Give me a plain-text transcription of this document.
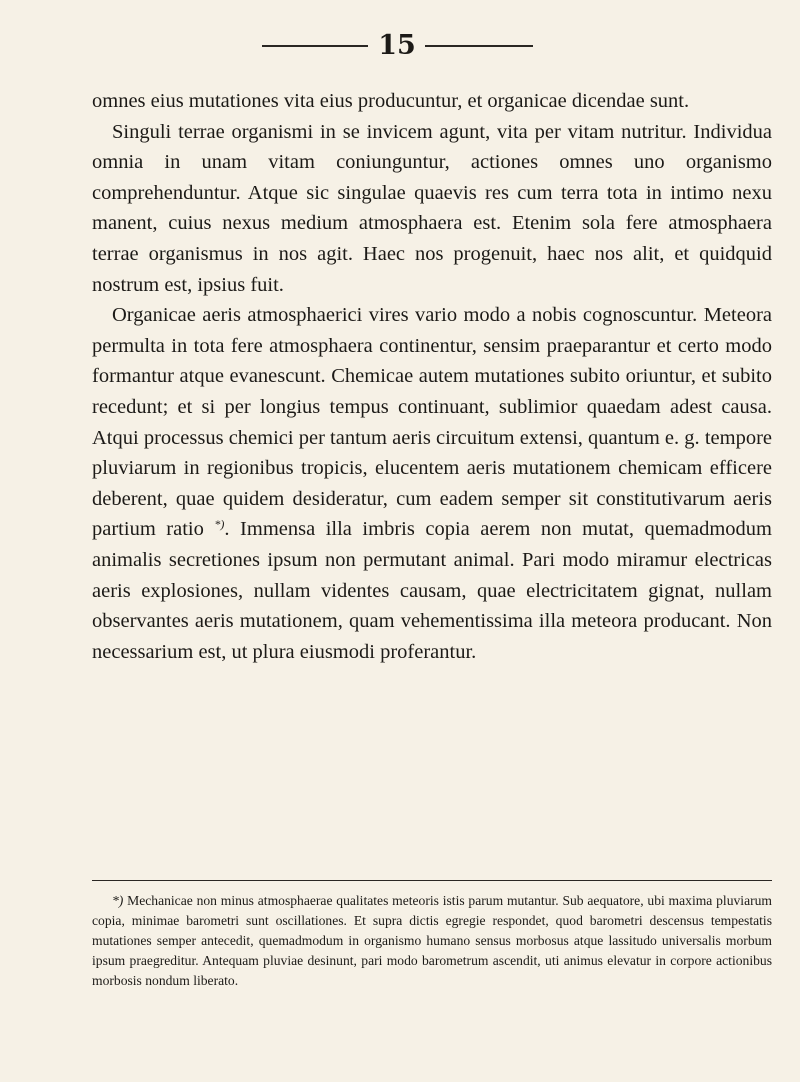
15

omnes eius mutationes vita eius producuntur, et organicae dicendae sunt.

Singuli terrae organismi in se invicem agunt, vita per vitam nutritur. Individua omnia in unam vitam coniunguntur, actiones omnes uno organismo comprehenduntur. Atque sic singulae quaevis res cum terra tota in intimo nexu manent, cuius nexus medium atmosphaera est. Etenim sola fere atmosphaera terrae organismus in nos agit. Haec nos progenuit, haec nos alit, et quidquid nostrum est, ipsius fuit.

Organicae aeris atmosphaerici vires vario modo a nobis cognoscuntur. Meteora permulta in tota fere atmosphaera continentur, sensim praeparantur et certo modo formantur atque evanescunt. Chemicae autem mutationes subito oriuntur, et subito recedunt; et si per longius tempus continuant, sublimior quaedam adest causa. Atqui processus chemici per tantum aeris circuitum extensi, quantum e. g. tempore pluviarum in regionibus tropicis, elucentem aeris mutationem chemicam efficere deberent, quae quidem desideratur, cum eadem semper sit constitutivarum aeris partium ratio *). Immensa illa imbris copia aerem non mutat, quemadmodum animalis secretiones ipsum non permutant animal. Pari modo miramur electricas aeris explosiones, nullam videntes causam, quae electricitatem gignat, nullam observantes aeris mutationem, quam vehementissima illa meteora producant. Non necessarium est, ut plura eiusmodi proferantur.

*) Mechanicae non minus atmosphaerae qualitates meteoris istis parum mutantur. Sub aequatore, ubi maxima pluviarum copia, minimae barometri sunt oscillationes. Et supra dictis egregie respondet, quod barometri descensus tempestatis mutationes semper antecedit, quemadmodum in organismo humano sensus morbosus atque lassitudo universalis morbum ipsum praegreditur. Antequam pluviae desinunt, pari modo barometrum ascendit, uti animus elevatur in corpore actionibus morbosis nondum liberato.
